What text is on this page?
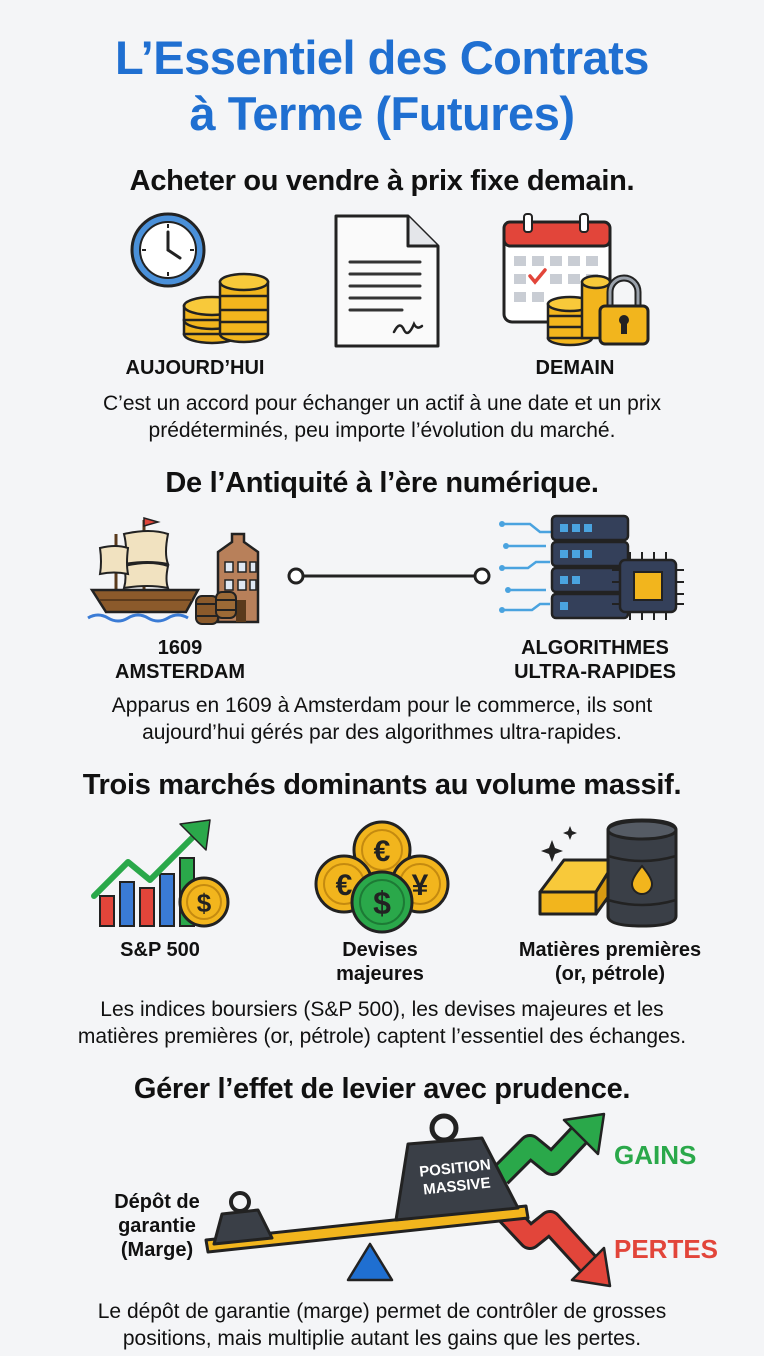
L’Essentiel des Contrats
à Terme (Futures)
Acheter ou vendre à prix fixe demain.
AUJOURD’HUI	DEMAIN
C’est un accord pour échanger un actif à une date et un prix
prédéterminés, peu importe l’évolution du marché.
De l’Antiquité à l’ère numérique.
1609
AMSTERDAM
ALGORITHMES
ULTRA-RAPIDES
Apparus en 1609 à Amsterdam pour le commerce, ils sont
aujourd’hui gérés par des algorithmes ultra-rapides.
Trois marchés dominants au volume massif.
$
€
€ ¥
$
S&P 500	Devises
majeures
Matières premières
(or, pétrole)
Les indices boursiers (S&P 500), les devises majeures et les
matières premières (or, pétrole) captent l’essentiel des échanges.
Gérer l’effet de levier avec prudence.
POSITION
MASSIVE
GAINS
PERTES
Dépôt de
garantie
(Marge)
Le dépôt de garantie (marge) permet de contrôler de grosses
positions, mais multiplie autant les gains que les pertes.
